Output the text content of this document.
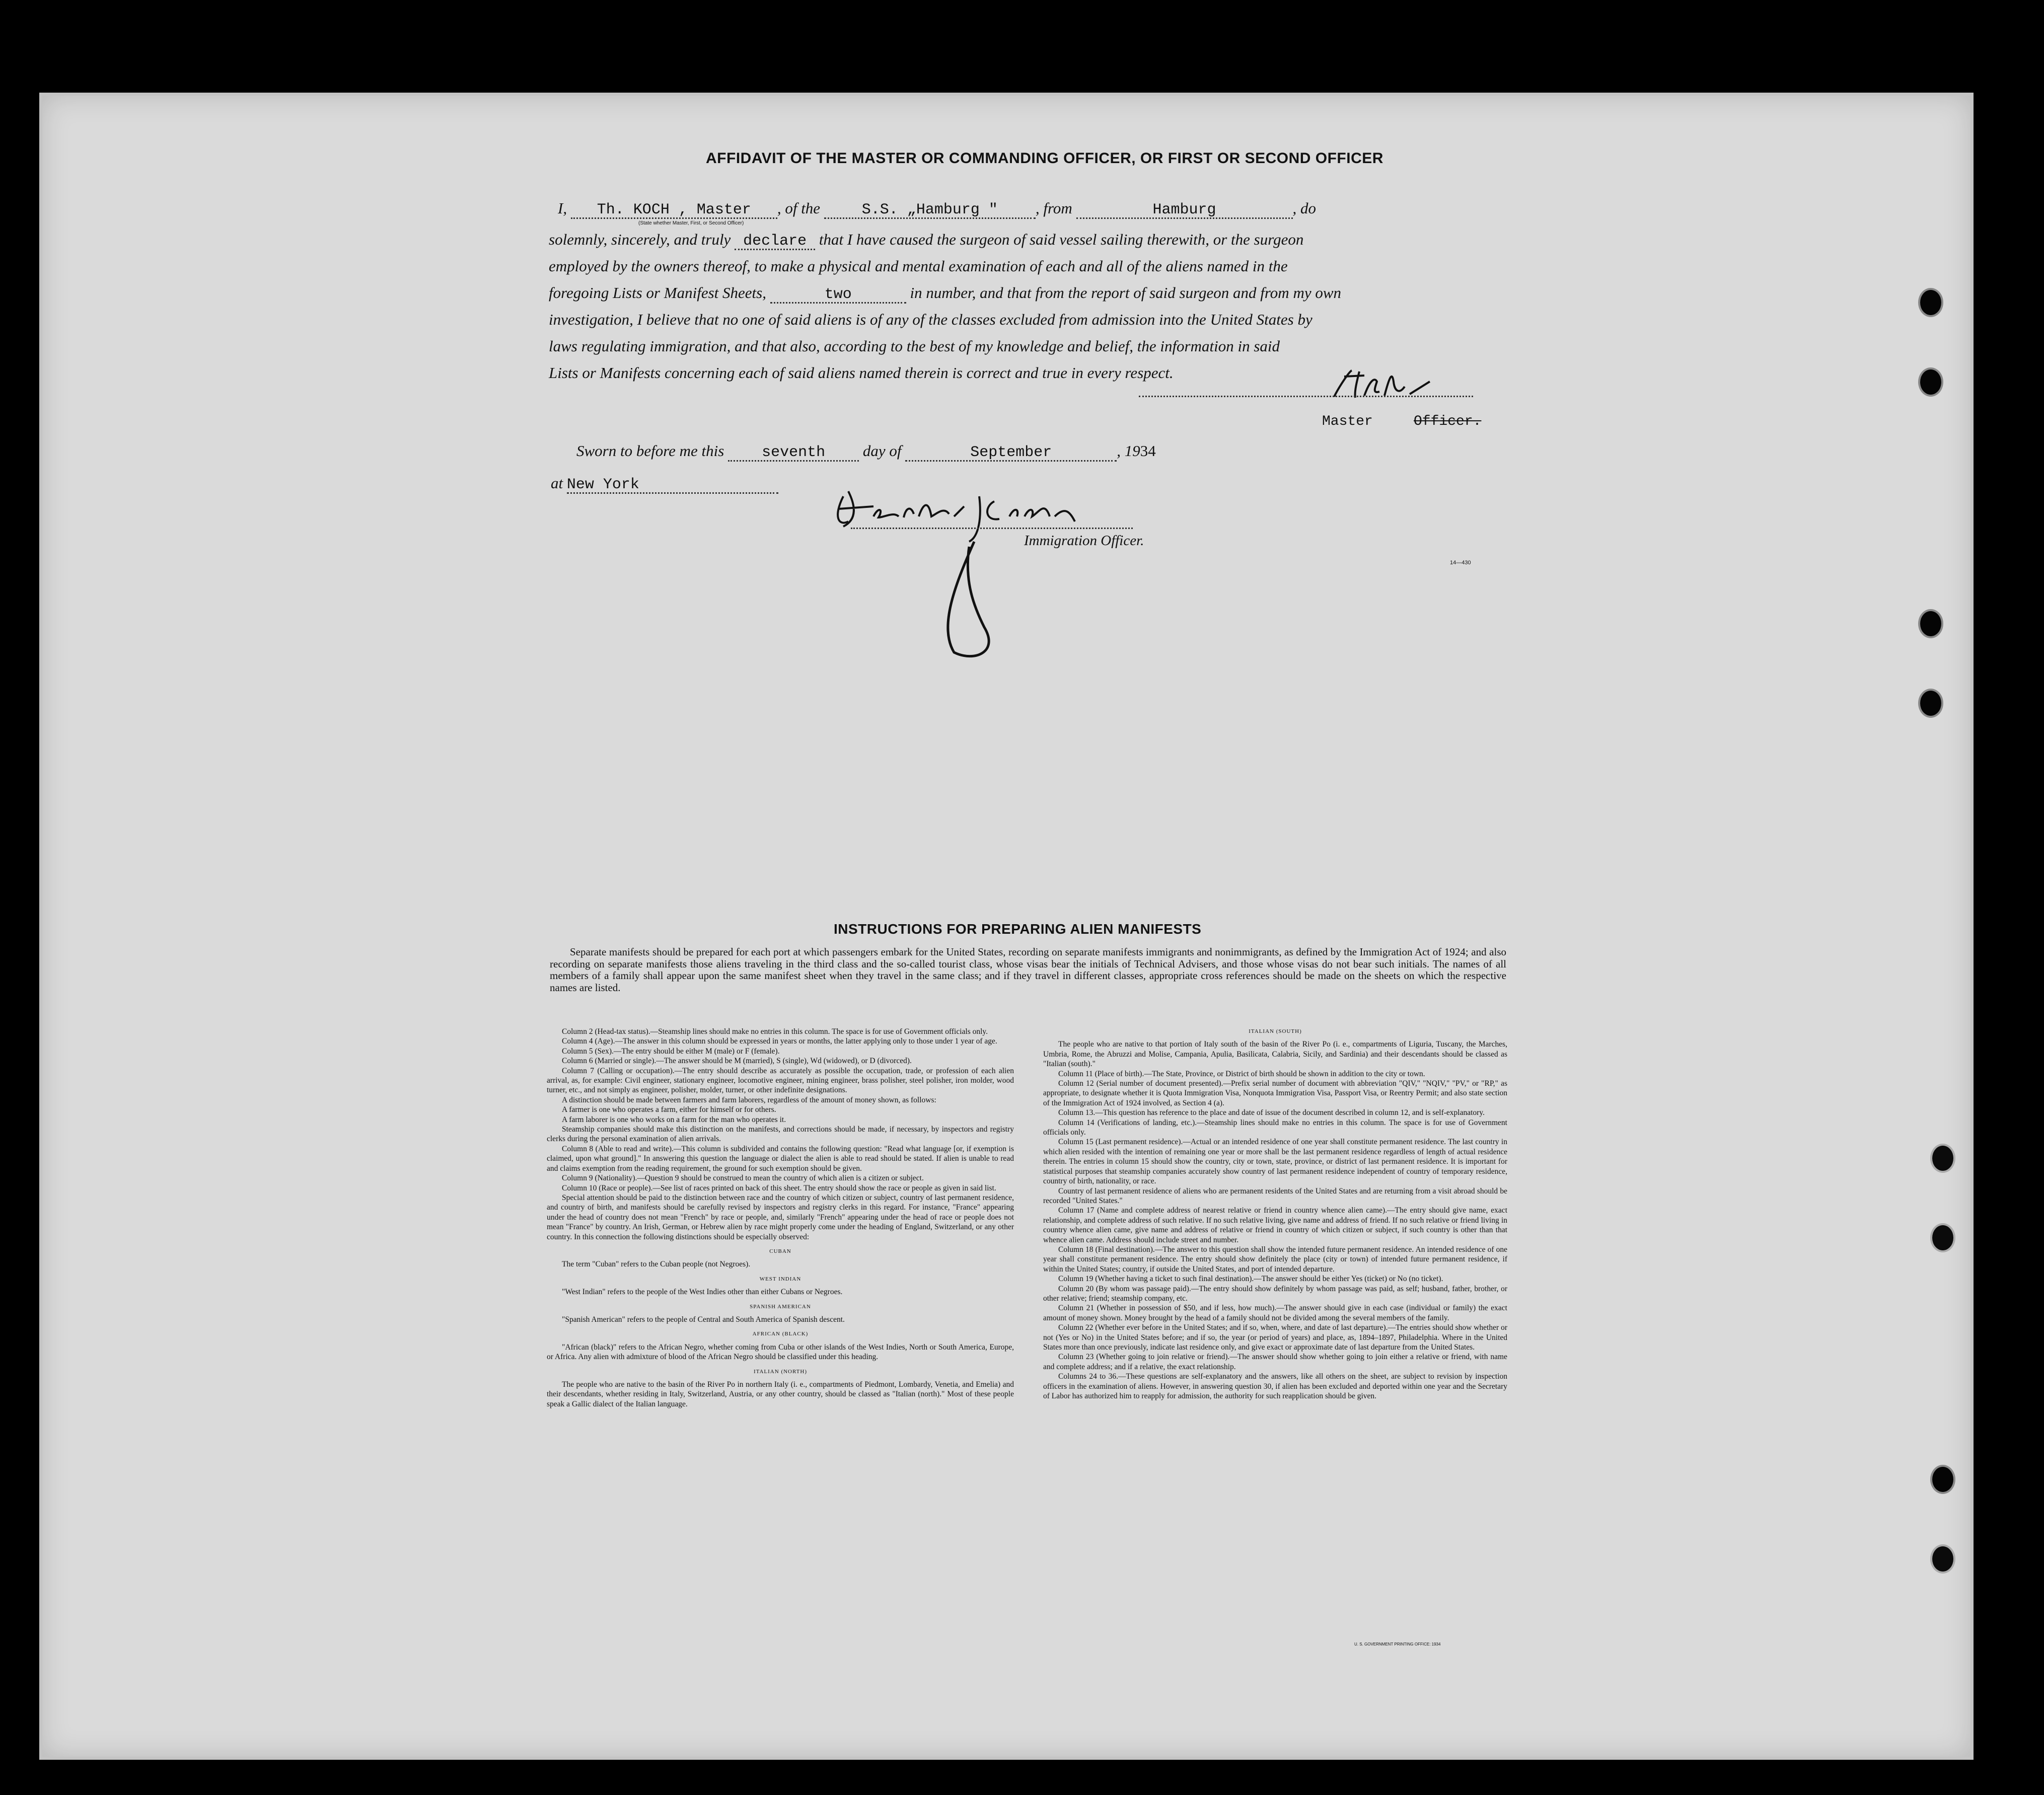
AFFIDAVIT OF THE MASTER OR COMMANDING OFFICER, OR FIRST OR SECOND OFFICER
I, Th. KOCH , Master , of the	S.S. „Hamburg " , from	Hamburg	, do
(State whether Master, First, or Second Officer)
solemnly, sincerely, and truly declare that I have caused the surgeon of said vessel sailing therewith, or the surgeon
employed by the owners thereof, to make a physical and mental examination of each and all of the aliens named in the
foregoing Lists or Manifest Sheets,	two	in number, and that from the report of said surgeon and from my own
investigation, I believe that no one of said aliens is of any of the classes excluded from admission into the United States by
laws regulating immigration, and that also, according to the best of my knowledge and belief, the information in said
Lists or Manifests concerning each of said aliens named therein is correct and true in every respect.
Master	Officer.
Sworn to before me this seventh day of	September	, 1934
at New York
Immigration Officer.
14—430
INSTRUCTIONS FOR PREPARING ALIEN MANIFESTS

Separate manifests should be prepared for each port at which passengers embark for the United States, recording on separate manifests immigrants and nonimmigrants, as defined by the Immigration Act of 1924; and also recording on separate manifests those aliens traveling in the third class and the so-called tourist class, whose visas bear the initials of Technical Advisers, and those whose visas do not bear such initials. The names of all members of a family shall appear upon the same manifest sheet when they travel in the same class; and if they travel in different classes, appropriate cross references should be made on the sheets on which the respective names are listed.

Column 2 (Head-tax status).—Steamship lines should make no entries in this column. The space is for use of Government officials only.

Column 4 (Age).—The answer in this column should be expressed in years or months, the latter applying only to those under 1 year of age.

Column 5 (Sex).—The entry should be either M (male) or F (female).

Column 6 (Married or single).—The answer should be M (married), S (single), Wd (widowed), or D (divorced).

Column 7 (Calling or occupation).—The entry should describe as accurately as possible the occupation, trade, or profession of each alien arrival, as, for example: Civil engineer, stationary engineer, locomotive engineer, mining engineer, brass polisher, steel polisher, iron molder, wood turner, etc., and not simply as engineer, polisher, molder, turner, or other indefinite designations.

A distinction should be made between farmers and farm laborers, regardless of the amount of money shown, as follows:

A farmer is one who operates a farm, either for himself or for others.

A farm laborer is one who works on a farm for the man who operates it.

Steamship companies should make this distinction on the manifests, and corrections should be made, if necessary, by inspectors and registry clerks during the personal examination of alien arrivals.

Column 8 (Able to read and write).—This column is subdivided and contains the following question: "Read what language [or, if exemption is claimed, upon what ground]." In answering this question the language or dialect the alien is able to read should be stated. If alien is unable to read and claims exemption from the reading requirement, the ground for such exemption should be given.

Column 9 (Nationality).—Question 9 should be construed to mean the country of which alien is a citizen or subject.

Column 10 (Race or people).—See list of races printed on back of this sheet. The entry should show the race or people as given in said list.

Special attention should be paid to the distinction between race and the country of which citizen or subject, country of last permanent residence, and country of birth, and manifests should be carefully revised by inspectors and registry clerks in this regard. For instance, "France" appearing under the head of country does not mean "French" by race or people, and, similarly "French" appearing under the head of race or people does not mean "France" by country. An Irish, German, or Hebrew alien by race might properly come under the heading of England, Switzerland, or any other country. In this connection the following distinctions should be especially observed:

CUBAN

The term "Cuban" refers to the Cuban people (not Negroes).

WEST INDIAN

"West Indian" refers to the people of the West Indies other than either Cubans or Negroes.

SPANISH AMERICAN

"Spanish American" refers to the people of Central and South America of Spanish descent.

AFRICAN (BLACK)

"African (black)" refers to the African Negro, whether coming from Cuba or other islands of the West Indies, North or South America, Europe, or Africa. Any alien with admixture of blood of the African Negro should be classified under this heading.

ITALIAN (NORTH)

The people who are native to the basin of the River Po in northern Italy (i. e., compartments of Piedmont, Lombardy, Venetia, and Emelia) and their descendants, whether residing in Italy, Switzerland, Austria, or any other country, should be classed as "Italian (north)." Most of these people speak a Gallic dialect of the Italian language.

ITALIAN (SOUTH)

The people who are native to that portion of Italy south of the basin of the River Po (i. e., compartments of Liguria, Tuscany, the Marches, Umbria, Rome, the Abruzzi and Molise, Campania, Apulia, Basilicata, Calabria, Sicily, and Sardinia) and their descendants should be classed as "Italian (south)."

Column 11 (Place of birth).—The State, Province, or District of birth should be shown in addition to the city or town.

Column 12 (Serial number of document presented).—Prefix serial number of document with abbreviation "QIV," "NQIV," "PV," or "RP," as appropriate, to designate whether it is Quota Immigration Visa, Nonquota Immigration Visa, Passport Visa, or Reentry Permit; and also state section of the Immigration Act of 1924 involved, as Section 4 (a).

Column 13.—This question has reference to the place and date of issue of the document described in column 12, and is self-explanatory.

Column 14 (Verifications of landing, etc.).—Steamship lines should make no entries in this column. The space is for use of Government officials only.

Column 15 (Last permanent residence).—Actual or an intended residence of one year shall constitute permanent residence. The last country in which alien resided with the intention of remaining one year or more shall be the last permanent residence regardless of length of actual residence therein. The entries in column 15 should show the country, city or town, state, province, or district of last permanent residence. It is important for statistical purposes that steamship companies accurately show country of last permanent residence independent of country of temporary residence, country of birth, nationality, or race.

Country of last permanent residence of aliens who are permanent residents of the United States and are returning from a visit abroad should be recorded "United States."

Column 17 (Name and complete address of nearest relative or friend in country whence alien came).—The entry should give name, exact relationship, and complete address of such relative. If no such relative living, give name and address of friend. If no such relative or friend living in country whence alien came, give name and address of relative or friend in country of which citizen or subject, if such country is other than that whence alien came. Address should include street and number.

Column 18 (Final destination).—The answer to this question shall show the intended future permanent residence. An intended residence of one year shall constitute permanent residence. The entry should show definitely the place (city or town) of intended future permanent residence, if within the United States; country, if outside the United States, and port of intended departure.

Column 19 (Whether having a ticket to such final destination).—The answer should be either Yes (ticket) or No (no ticket).

Column 20 (By whom was passage paid).—The entry should show definitely by whom passage was paid, as self; husband, father, brother, or other relative; friend; steamship company, etc.

Column 21 (Whether in possession of $50, and if less, how much).—The answer should give in each case (individual or family) the exact amount of money shown. Money brought by the head of a family should not be divided among the several members of the family.

Column 22 (Whether ever before in the United States; and if so, when, where, and date of last departure).—The entries should show whether or not (Yes or No) in the United States before; and if so, the year (or period of years) and place, as, 1894–1897, Philadelphia. Where in the United States more than once previously, indicate last residence only, and give exact or approximate date of last departure from the United States.

Column 23 (Whether going to join relative or friend).—The answer should show whether going to join either a relative or friend, with name and complete address; and if a relative, the exact relationship.

Columns 24 to 36.—These questions are self-explanatory and the answers, like all others on the sheet, are subject to revision by inspection officers in the examination of aliens. However, in answering question 30, if alien has been excluded and deported within one year and the Secretary of Labor has authorized him to reapply for admission, the authority for such reapplication should be given.

U. S. GOVERNMENT PRINTING OFFICE: 1934
